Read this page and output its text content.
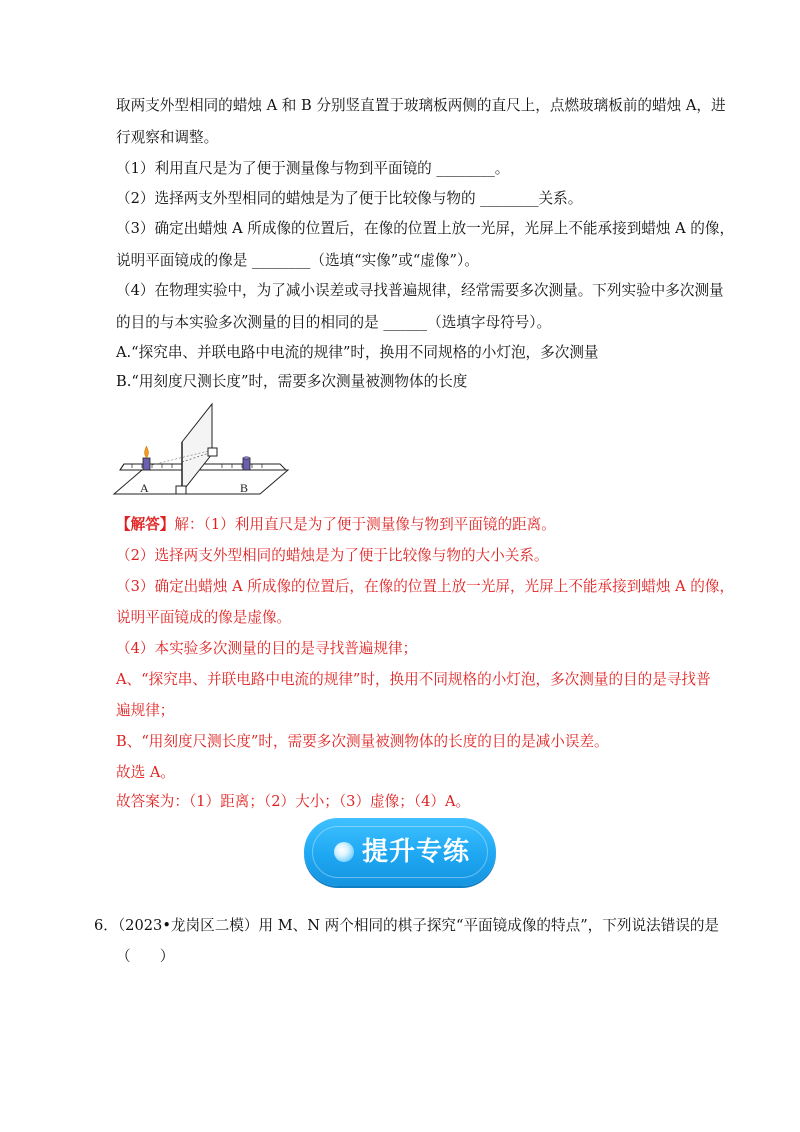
取两支外型相同的蜡烛 A 和 B 分别竖直置于玻璃板两侧的直尺上，点燃玻璃板前的蜡烛 A，进
行观察和调整。
（1）利用直尺是为了便于测量像与物到平面镜的 ________。
（2）选择两支外型相同的蜡烛是为了便于比较像与物的 ________关系。
（3）确定出蜡烛 A 所成像的位置后，在像的位置上放一光屏，光屏上不能承接到蜡烛 A 的像，
说明平面镜成的像是 ________（选填“实像”或“虚像”）。
（4）在物理实验中，为了减小误差或寻找普遍规律，经常需要多次测量。下列实验中多次测量
的目的与本实验多次测量的目的相同的是 ______（选填字母符号）。
A.“探究串、并联电路中电流的规律”时，换用不同规格的小灯泡，多次测量
B.“用刻度尺测长度”时，需要多次测量被测物体的长度
A	B
【解答】解：（1）利用直尺是为了便于测量像与物到平面镜的距离。
（2）选择两支外型相同的蜡烛是为了便于比较像与物的大小关系。
（3）确定出蜡烛 A 所成像的位置后，在像的位置上放一光屏，光屏上不能承接到蜡烛 A 的像，
说明平面镜成的像是虚像。
（4）本实验多次测量的目的是寻找普遍规律；
A、“探究串、并联电路中电流的规律”时，换用不同规格的小灯泡，多次测量的目的是寻找普
遍规律；
B、“用刻度尺测长度”时，需要多次测量被测物体的长度的目的是减小误差。
故选 A。
故答案为：（1）距离；（2）大小；（3）虚像；（4）A。
提升专练
6．（2023•龙岗区二模）用 M、N 两个相同的棋子探究“平面镜成像的特点”，下列说法错误的是
（　　）
